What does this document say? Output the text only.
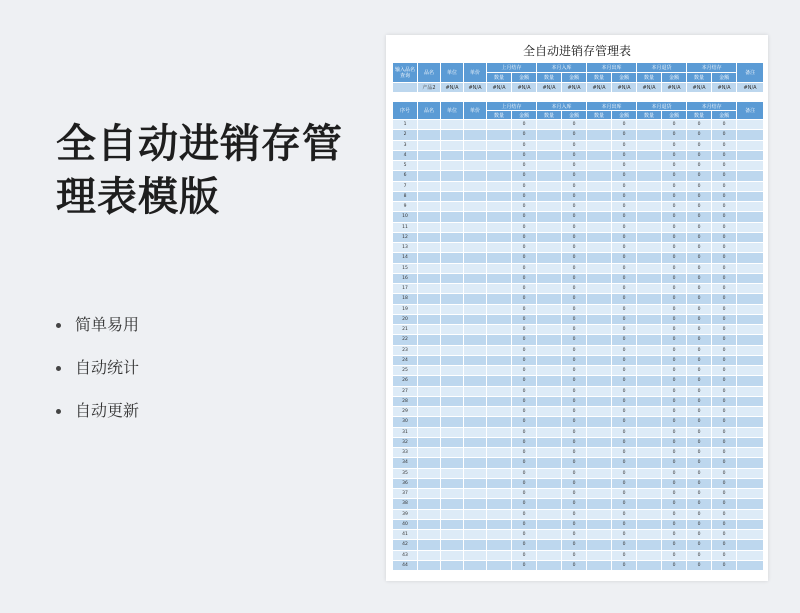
全自动进销存管理表模版
简单易用
自动统计
自动更新
全自动进销存管理表
输入品名查询	品名	单位	单价	上月结存		本月入库		本月出库		本月退货		本月结存		备注
				数量	金额	数量	金额	数量	金额	数量	金额	数量	金额	
	产品2	#N/A	#N/A	#N/A	#N/A	#N/A	#N/A	#N/A	#N/A	#N/A	#N/A	#N/A	#N/A	#N/A
序号	品名	单位	单价	上月结存		本月入库		本月出库		本月退货		本月结存		备注
				数量	金额	数量	金额	数量	金额	数量	金额	数量	金额	
1					0		0		0		0	0	0	
2					0		0		0		0	0	0	
3					0		0		0		0	0	0	
4					0		0		0		0	0	0	
5					0		0		0		0	0	0	
6					0		0		0		0	0	0	
7					0		0		0		0	0	0	
8					0		0		0		0	0	0	
9					0		0		0		0	0	0	
10					0		0		0		0	0	0	
11					0		0		0		0	0	0	
12					0		0		0		0	0	0	
13					0		0		0		0	0	0	
14					0		0		0		0	0	0	
15					0		0		0		0	0	0	
16					0		0		0		0	0	0	
17					0		0		0		0	0	0	
18					0		0		0		0	0	0	
19					0		0		0		0	0	0	
20					0		0		0		0	0	0	
21					0		0		0		0	0	0	
22					0		0		0		0	0	0	
23					0		0		0		0	0	0	
24					0		0		0		0	0	0	
25					0		0		0		0	0	0	
26					0		0		0		0	0	0	
27					0		0		0		0	0	0	
28					0		0		0		0	0	0	
29					0		0		0		0	0	0	
30					0		0		0		0	0	0	
31					0		0		0		0	0	0	
32					0		0		0		0	0	0	
33					0		0		0		0	0	0	
34					0		0		0		0	0	0	
35					0		0		0		0	0	0	
36					0		0		0		0	0	0	
37					0		0		0		0	0	0	
38					0		0		0		0	0	0	
39					0		0		0		0	0	0	
40					0		0		0		0	0	0	
41					0		0		0		0	0	0	
42					0		0		0		0	0	0	
43					0		0		0		0	0	0	
44					0		0		0		0	0	0	
